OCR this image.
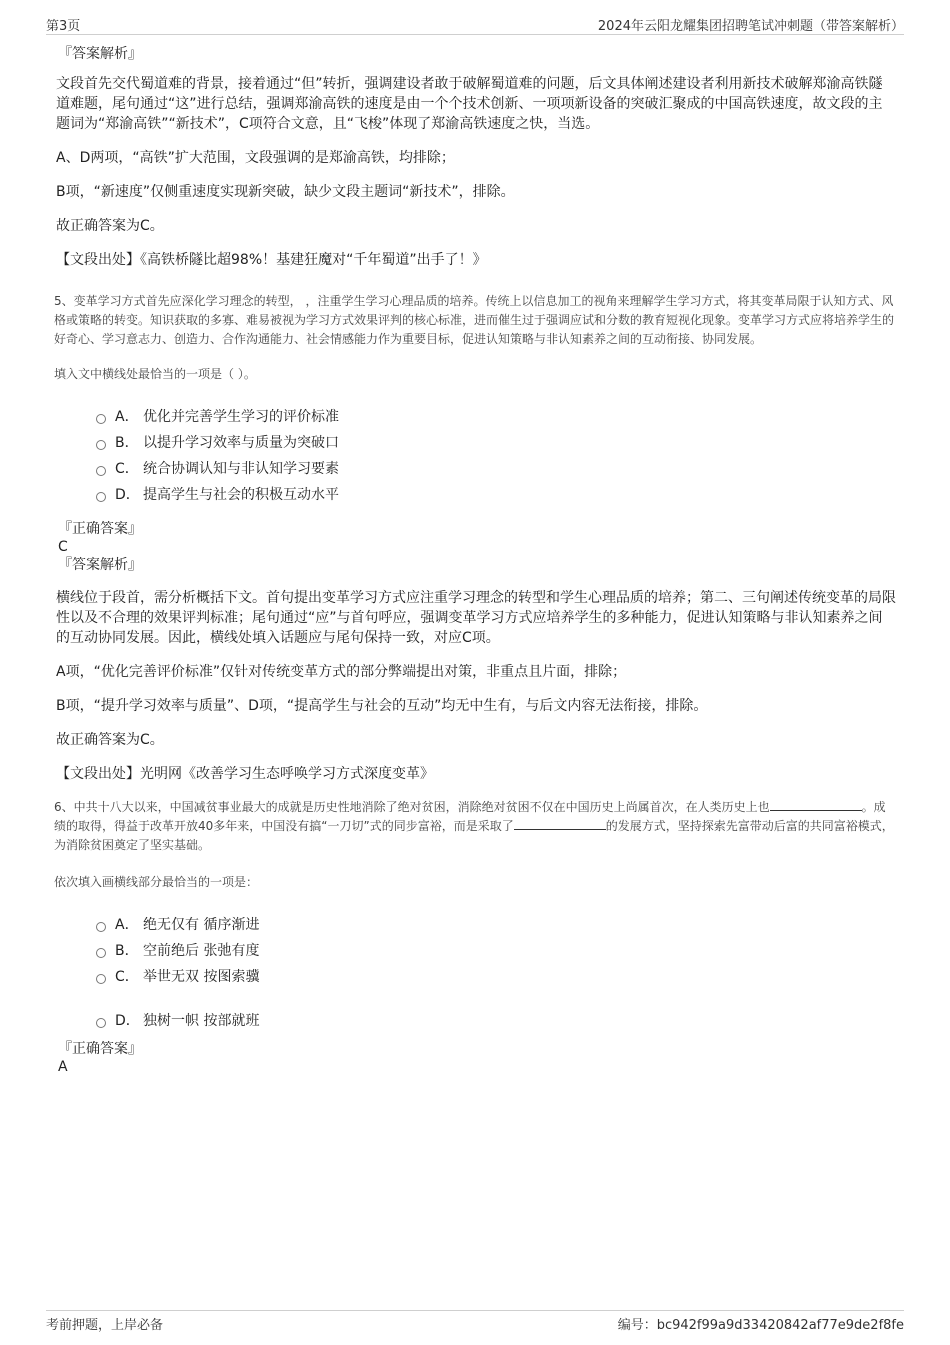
第3页	2024年云阳龙耀集团招聘笔试冲刺题（带答案解析）
『答案解析』
文段首先交代蜀道难的背景，接着通过“但”转折，强调建设者敢于破解蜀道难的问题，后文具体阐述建设者利用新技术破解郑渝高铁隧道难题，尾句通过“这”进行总结，强调郑渝高铁的速度是由一个个技术创新、一项项新设备的突破汇聚成的中国高铁速度，故文段的主题词为“郑渝高铁”“新技术”，C项符合文意，且“飞梭”体现了郑渝高铁速度之快，当选。
A、D两项，“高铁”扩大范围，文段强调的是郑渝高铁，均排除；
B项，“新速度”仅侧重速度实现新突破，缺少文段主题词“新技术”，排除。
故正确答案为C。
【文段出处】《高铁桥隧比超98%！基建狂魔对“千年蜀道”出手了！》
5、变革学习方式首先应深化学习理念的转型， ，注重学生学习心理品质的培养。传统上以信息加工的视角来理解学生学习方式，将其变革局限于认知方式、风格或策略的转变。知识获取的多寡、难易被视为学习方式效果评判的核心标准，进而催生过于强调应试和分数的教育短视化现象。变革学习方式应将培养学生的好奇心、学习意志力、创造力、合作沟通能力、社会情感能力作为重要目标，促进认知策略与非认知素养之间的互动衔接、协同发展。
填入文中横线处最恰当的一项是（ ）。
A． 优化并完善学生学习的评价标准
B． 以提升学习效率与质量为突破口
C． 统合协调认知与非认知学习要素
D． 提高学生与社会的积极互动水平
『正确答案』
C
『答案解析』
横线位于段首，需分析概括下文。首句提出变革学习方式应注重学习理念的转型和学生心理品质的培养；第二、三句阐述传统变革的局限性以及不合理的效果评判标准；尾句通过“应”与首句呼应，强调变革学习方式应培养学生的多种能力，促进认知策略与非认知素养之间的互动协同发展。因此，横线处填入话题应与尾句保持一致，对应C项。
A项，“优化完善评价标准”仅针对传统变革方式的部分弊端提出对策，非重点且片面，排除；
B项，“提升学习效率与质量”、D项，“提高学生与社会的互动”均无中生有，与后文内容无法衔接，排除。
故正确答案为C。
【文段出处】光明网《改善学习生态呼唤学习方式深度变革》
6、中共十八大以来，中国减贫事业最大的成就是历史性地消除了绝对贫困，消除绝对贫困不仅在中国历史上尚属首次，在人类历史上也	。成绩的取得，得益于改革开放40多年来，中国没有搞“一刀切”式的同步富裕，而是采取了	的发展方式，坚持探索先富带动后富的共同富裕模式，为消除贫困奠定了坚实基础。
依次填入画横线部分最恰当的一项是：
A． 绝无仅有 循序渐进
B． 空前绝后 张弛有度
C． 举世无双 按图索骥
D． 独树一帜 按部就班
『正确答案』
A
考前押题，上岸必备	编号：bc942f99a9d33420842af77e9de2f8fe
